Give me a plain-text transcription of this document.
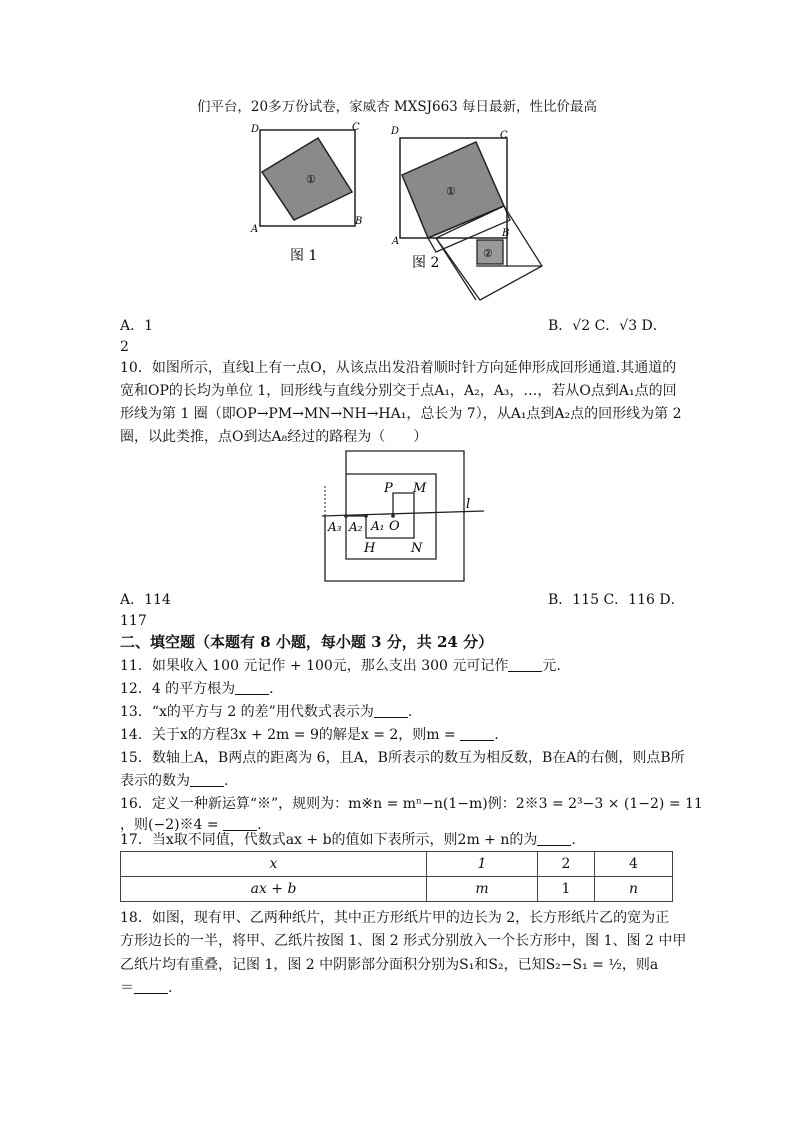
们平台，20多万份试卷，家威杏 MXSJ663 每日最新，性比价最高
①
D	C
A
B
图 1	②
①
D	C
A
B
图 2
A．1	B．√2 C．√3 D．
2
10．如图所示，直线l上有一点O，从该点出发沿着顺时针方向延伸形成回形通道.其通道的
宽和OP的长均为单位 1，回形线与直线分别交于点A₁，A₂，A₃，…，若从O点到A₁点的回
形线为第 1 圈（即OP→PM→MN→NH→HA₁，总长为 7），从A₁点到A₂点的回形线为第 2
圈，以此类推，点O到达A₈经过的路程为（　　）
P M
O
H	N
l
A₁
A₂
A₃
A．114	B．115 C．116 D．
117
二、填空题（本题有 8 小题，每小题 3 分，共 24 分）
11．如果收入 100 元记作 + 100元，那么支出 300 元可记作 元.
12．4 的平方根为 .
13．“x的平方与 2 的差”用代数式表示为 .
14．关于x的方程3x + 2m = 9的解是x = 2，则m = .
15．数轴上A，B两点的距离为 6，且A，B所表示的数互为相反数，B在A的右侧，则点B所
表示的数为 .
16．定义一种新运算“※”，规则为：m※n = mⁿ−n(1−m)例：2※3 = 2³−3 × (1−2) = 11
，则(−2)※4 = .
17．当x取不同值，代数式ax + b的值如下表所示，则2m + n的为 .
x	1	2	4
ax + b	m	1	n
18．如图，现有甲、乙两种纸片，其中正方形纸片甲的边长为 2，长方形纸片乙的宽为正
方形边长的一半，将甲、乙纸片按图 1、图 2 形式分别放入一个长方形中，图 1、图 2 中甲
乙纸片均有重叠，记图 1，图 2 中阴影部分面积分别为S₁和S₂，已知S₂−S₁ = ½，则a
＝ .
